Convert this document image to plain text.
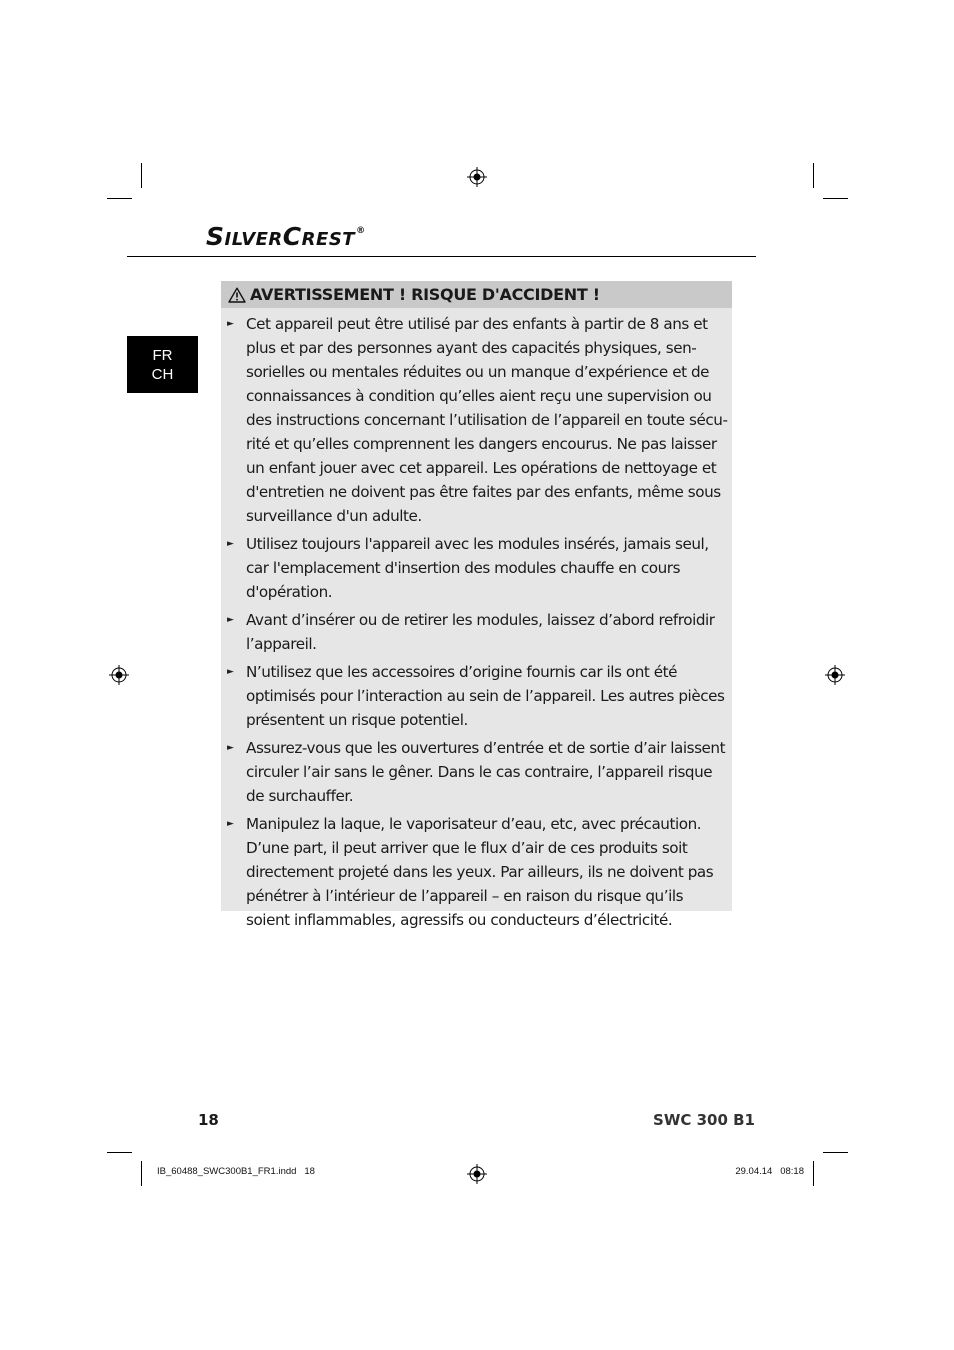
S ILVER C REST ®
FR
CH
AVERTISSEMENT ! RISQUE D'ACCIDENT !
► Cet appareil peut être utilisé par des enfants à partir de 8 ans et plus et par des personnes ayant des capacités physiques, sen-sorielles ou mentales réduites ou un manque d’expérience et de connaissances à condition qu’elles aient reçu une supervision ou des instructions concernant l’utilisation de l’appareil en toute sécu-rité et qu’elles comprennent les dangers encourus. Ne pas laisser un enfant jouer avec cet appareil. Les opérations de nettoyage et d'entretien ne doivent pas être faites par des enfants, même sous surveillance d'un adulte.
► Utilisez toujours l'appareil avec les modules insérés, jamais seul, car l'emplacement d'insertion des modules chauffe en cours d'opération.
► Avant d’insérer ou de retirer les modules, laissez d’abord refroidir l’appareil.
► N’utilisez que les accessoires d’origine fournis car ils ont été optimisés pour l’interaction au sein de l’appareil. Les autres pièces présentent un risque potentiel.
► Assurez-vous que les ouvertures d’entrée et de sortie d’air laissent circuler l’air sans le gêner. Dans le cas contraire, l’appareil risque de surchauffer.
► Manipulez la laque, le vaporisateur d’eau, etc, avec précaution. D’une part, il peut arriver que le flux d’air de ces produits soit directement projeté dans les yeux. Par ailleurs, ils ne doivent pas pénétrer à l’intérieur de l’appareil – en raison du risque qu’ils soient inflammables, agressifs ou conducteurs d’électricité.
18	SWC 300 B1
IB_60488_SWC300B1_FR1.indd   18	29.04.14   08:18
